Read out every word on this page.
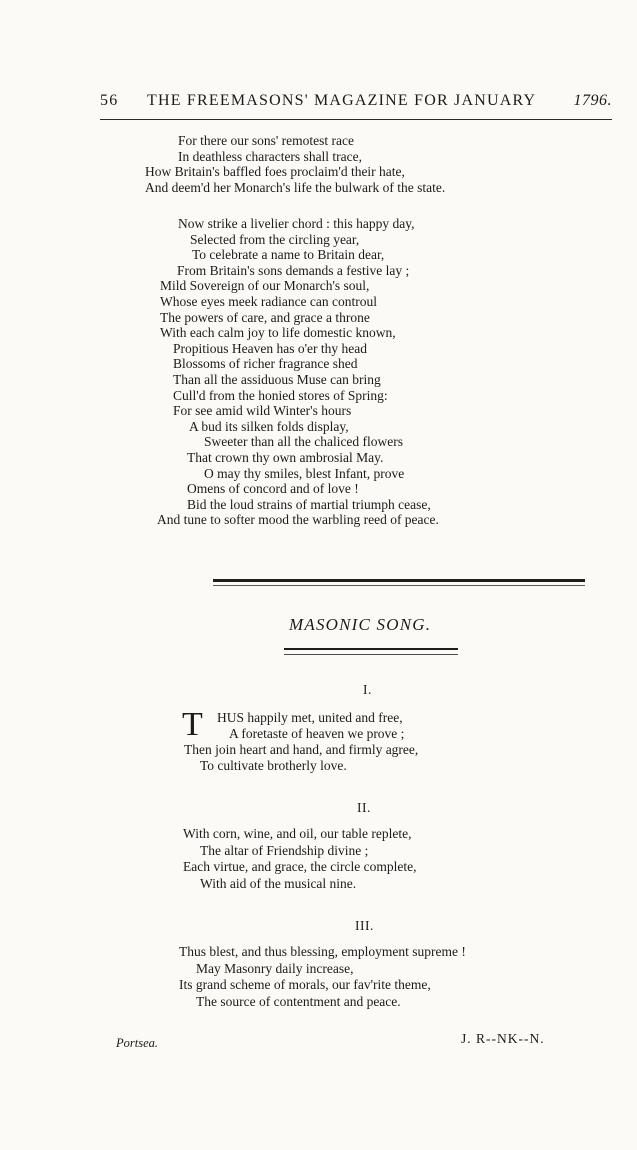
56 THE FREEMASONS' MAGAZINE FOR JANUARY 1796.
For there our sons' remotest race
In deathless characters shall trace,
How Britain's baffled foes proclaim'd their hate,
And deem'd her Monarch's life the bulwark of the state.
Now strike a livelier chord : this happy day,
Selected from the circling year,
To celebrate a name to Britain dear,
From Britain's sons demands a festive lay ;
Mild Sovereign of our Monarch's soul,
Whose eyes meek radiance can controul
The powers of care, and grace a throne
With each calm joy to life domestic known,
Propitious Heaven has o'er thy head
Blossoms of richer fragrance shed
Than all the assiduous Muse can bring
Cull'd from the honied stores of Spring:
For see amid wild Winter's hours
A bud its silken folds display,
Sweeter than all the chaliced flowers
That crown thy own ambrosial May.
O may thy smiles, blest Infant, prove
Omens of concord and of love !
Bid the loud strains of martial triumph cease,
And tune to softer mood the warbling reed of peace.
MASONIC SONG.
I.
T HUS happily met, united and free,
A foretaste of heaven we prove ;
Then join heart and hand, and firmly agree,
To cultivate brotherly love.
II.
With corn, wine, and oil, our table replete,
The altar of Friendship divine ;
Each virtue, and grace, the circle complete,
With aid of the musical nine.
III.
Thus blest, and thus blessing, employment supreme !
May Masonry daily increase,
Its grand scheme of morals, our fav'rite theme,
The source of contentment and peace.
J. R--NK--N.
Portsea.
